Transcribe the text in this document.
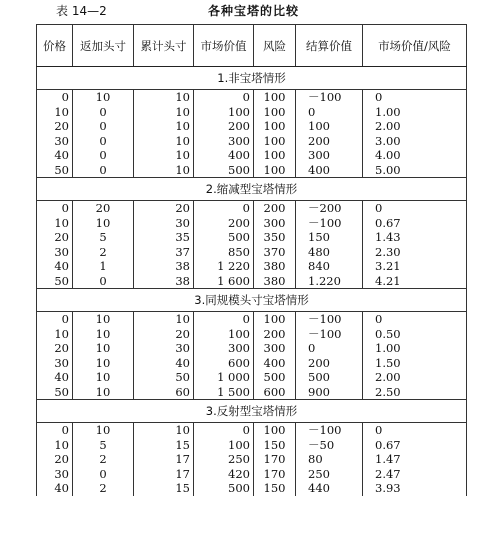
表 14—2	各种宝塔的比较
价格	返加头寸	累计头寸	市场价值	风险	结算价值	市场价值/风险
1.非宝塔情形						
0	10	10	0	100	－100	0
10	0	10	100	100	0	1.00
20	0	10	200	100	100	2.00
30	0	10	300	100	200	3.00
40	0	10	400	100	300	4.00
50	0	10	500	100	400	5.00
2.缩减型宝塔情形						
0	20	20	0	200	－200	0
10	10	30	200	300	－100	0.67
20	5	35	500	350	150	1.43
30	2	37	850	370	480	2.30
40	1	38	1 220	380	840	3.21
50	0	38	1 600	380	1.220	4.21
3.同规模头寸宝塔情形						
0	10	10	0	100	－100	0
10	10	20	100	200	－100	0.50
20	10	30	300	300	0	1.00
30	10	40	600	400	200	1.50
40	10	50	1 000	500	500	2.00
50	10	60	1 500	600	900	2.50
3.反射型宝塔情形						
0	10	10	0	100	－100	0
10	5	15	100	150	－50	0.67
20	2	17	250	170	80	1.47
30	0	17	420	170	250	2.47
40	2	15	500	150	440	3.93
